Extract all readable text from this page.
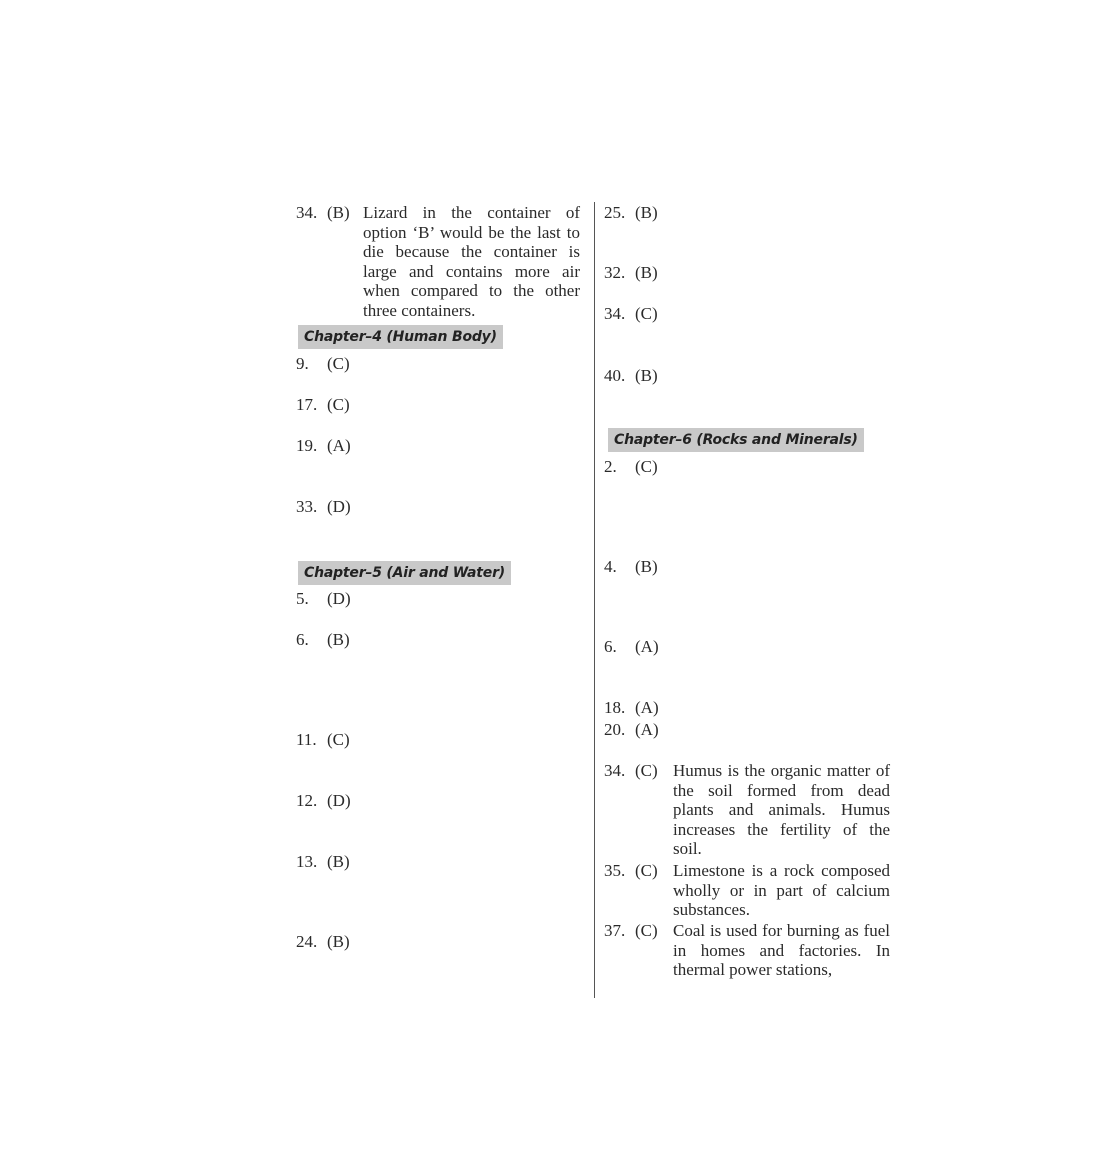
34. (B) Lizard in the container of option ‘B’ would be the last to die because the container is large and contains more air when compared to the other three containers.
Chapter–4 (Human Body)
9. (C)
17. (C)
19. (A)
33. (D)
Chapter–5 (Air and Water)
5. (D)
6. (B)
11. (C)
12. (D)
13. (B)
24. (B)
25. (B)
32. (B)
34. (C)
40. (B)
Chapter–6 (Rocks and Minerals)
2. (C)
4. (B)
6. (A)
18. (A)
20. (A)
34. (C) Humus is the organic matter of the soil formed from dead plants and animals. Humus increases the fertility of the soil.
35. (C) Limestone is a rock composed wholly or in part of calcium substances.
37. (C) Coal is used for burning as fuel in homes and factories. In thermal power stations,
